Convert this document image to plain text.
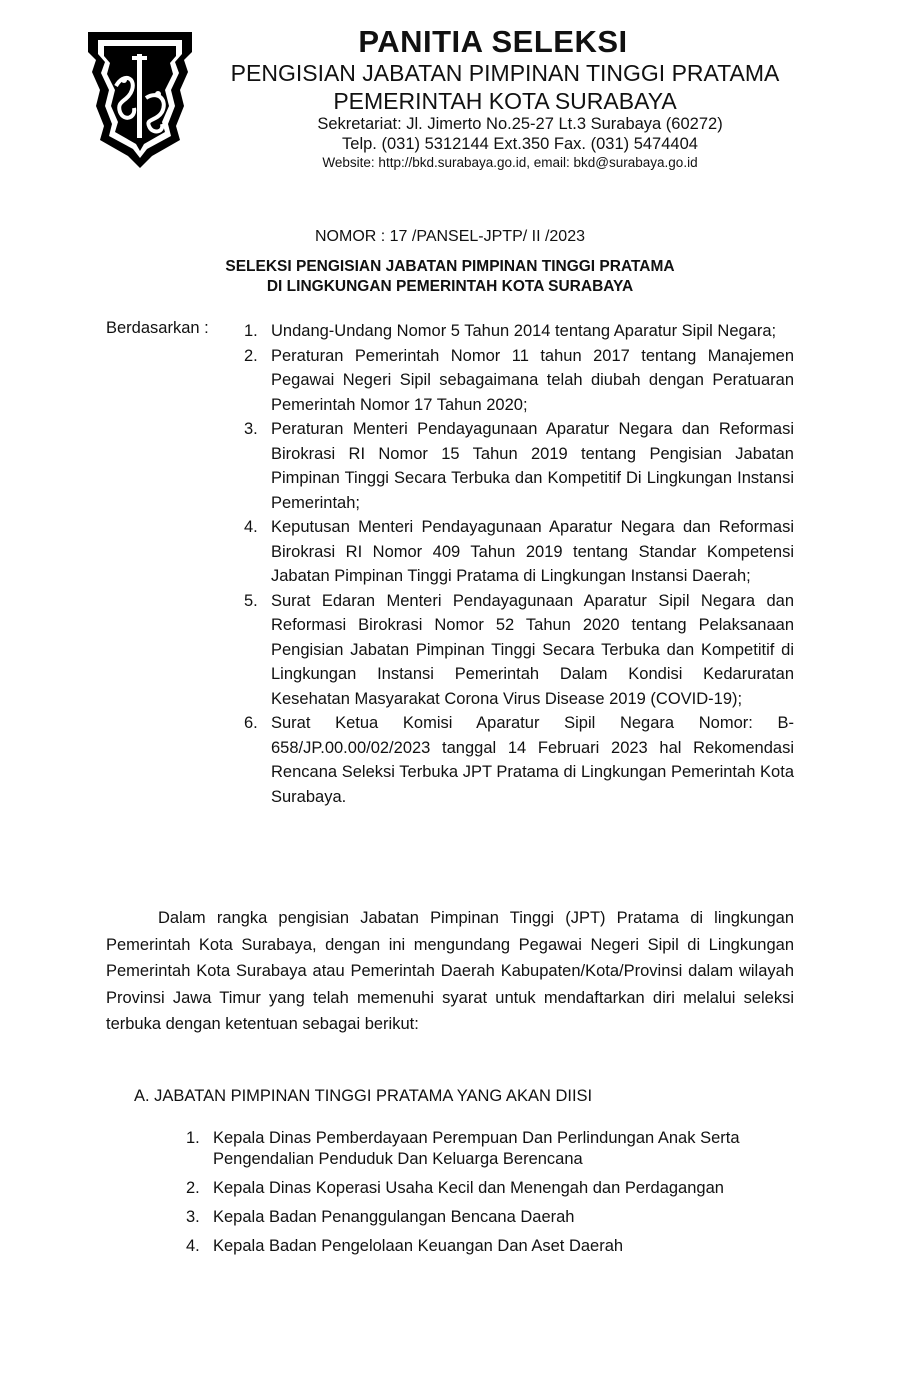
PANITIA SELEKSI
PENGISIAN JABATAN PIMPINAN TINGGI PRATAMA
PEMERINTAH KOTA SURABAYA
Sekretariat: Jl. Jimerto No.25-27 Lt.3 Surabaya (60272)
Telp. (031) 5312144 Ext.350 Fax. (031) 5474404
Website: http://bkd.surabaya.go.id, email: bkd@surabaya.go.id
NOMOR : 17 /PANSEL-JPTP/ II /2023
SELEKSI PENGISIAN JABATAN PIMPINAN TINGGI PRATAMA
DI LINGKUNGAN PEMERINTAH KOTA SURABAYA
Berdasarkan : 1. Undang-Undang Nomor 5 Tahun 2014 tentang Aparatur Sipil Negara;
2. Peraturan Pemerintah Nomor 11 tahun 2017 tentang Manajemen Pegawai Negeri Sipil sebagaimana telah diubah dengan Peratuaran Pemerintah Nomor 17 Tahun 2020;
3. Peraturan Menteri Pendayagunaan Aparatur Negara dan Reformasi Birokrasi RI Nomor 15 Tahun 2019 tentang Pengisian Jabatan Pimpinan Tinggi Secara Terbuka dan Kompetitif Di Lingkungan Instansi Pemerintah;
4. Keputusan Menteri Pendayagunaan Aparatur Negara dan Reformasi Birokrasi RI Nomor 409 Tahun 2019 tentang Standar Kompetensi Jabatan Pimpinan Tinggi Pratama di Lingkungan Instansi Daerah;
5. Surat Edaran Menteri Pendayagunaan Aparatur Sipil Negara dan Reformasi Birokrasi Nomor 52 Tahun 2020 tentang Pelaksanaan Pengisian Jabatan Pimpinan Tinggi Secara Terbuka dan Kompetitif di Lingkungan Instansi Pemerintah Dalam Kondisi Kedaruratan Kesehatan Masyarakat Corona Virus Disease 2019 (COVID-19);
6. Surat Ketua Komisi Aparatur Sipil Negara Nomor: B-658/JP.00.00/02/2023 tanggal 14 Februari 2023 hal Rekomendasi Rencana Seleksi Terbuka JPT Pratama di Lingkungan Pemerintah Kota Surabaya.
Dalam rangka pengisian Jabatan Pimpinan Tinggi (JPT) Pratama di lingkungan Pemerintah Kota Surabaya, dengan ini mengundang Pegawai Negeri Sipil di Lingkungan Pemerintah Kota Surabaya atau Pemerintah Daerah Kabupaten/Kota/Provinsi dalam wilayah Provinsi Jawa Timur yang telah memenuhi syarat untuk mendaftarkan diri melalui seleksi terbuka dengan ketentuan sebagai berikut:
A. JABATAN PIMPINAN TINGGI PRATAMA YANG AKAN DIISI
1. Kepala Dinas Pemberdayaan Perempuan Dan Perlindungan Anak Serta Pengendalian Penduduk Dan Keluarga Berencana
2. Kepala Dinas Koperasi Usaha Kecil dan Menengah dan Perdagangan
3. Kepala Badan Penanggulangan Bencana Daerah
4. Kepala Badan Pengelolaan Keuangan Dan Aset Daerah
